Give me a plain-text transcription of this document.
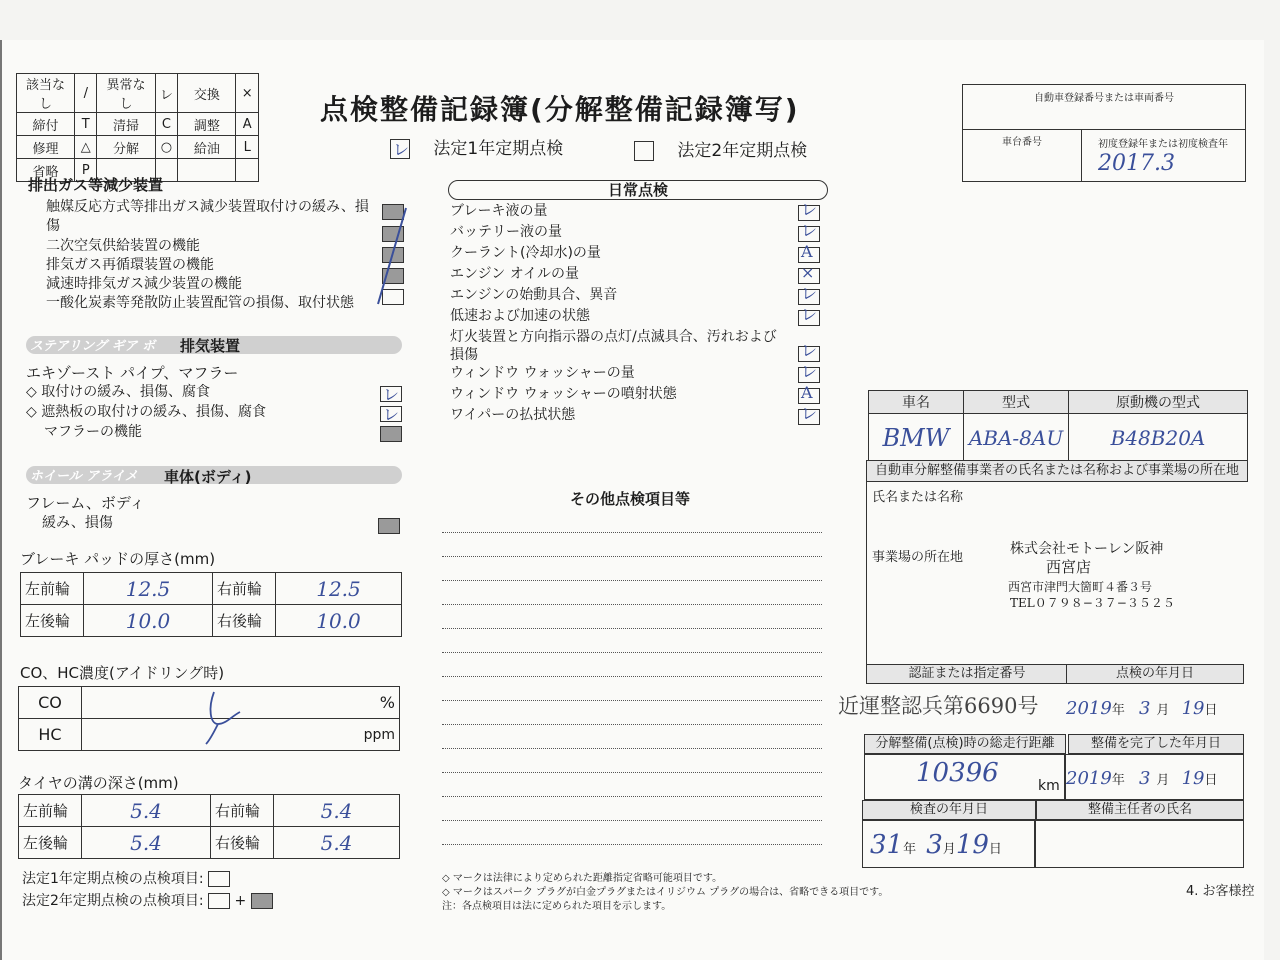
該当なし	/	異常なし	レ	交換	×
締付	T	清掃	C	調整	A
修理	△	分解	○	給油	L
省略	P				
点検整備記録簿(分解整備記録簿写)
レ 法定1年定期点検	法定2年定期点検
自動車登録番号または車両番号
車台番号	初度登録年または初度検査年
2017.3
排出ガス等減少装置
触媒反応方式等排出ガス減少装置取付けの緩み、損傷
二次空気供給装置の機能
排気ガス再循環装置の機能
減速時排気ガス減少装置の機能
一酸化炭素等発散防止装置配管の損傷、取付状態
ステアリング ギア ボ 排気装置
エキゾースト パイプ、マフラー
◇ 取付けの緩み、損傷、腐食
◇ 遮熱板の取付けの緩み、損傷、腐食
マフラーの機能
レ
レ
ホイール アライメ 車体(ボディ)
フレーム、ボディ
緩み、損傷
ブレーキ パッドの厚さ(mm)
左前輪	12.5	右前輪	12.5
左後輪	10.0	右後輪	10.0
CO、HC濃度(アイドリング時)
CO	%
HC	ppm
タイヤの溝の深さ(mm)
左前輪	5.4	右前輪	5.4
左後輪	5.4	右後輪	5.4
法定1年定期点検の点検項目:
法定2年定期点検の点検項目: +
日常点検
ブレーキ液の量	レ
バッテリー液の量	レ
クーラント(冷却水)の量	A
エンジン オイルの量	×
エンジンの始動具合、異音	レ
低速および加速の状態	レ
灯火装置と方向指示器の点灯/点滅具合、汚れおよび損傷	レ
ウィンドウ ウォッシャーの量	レ
ウィンドウ ウォッシャーの噴射状態	A
ワイパーの払拭状態	レ
その他点検項目等
◇ マークは法律により定められた距離指定省略可能項目です。
◇ マークはスパーク プラグが白金プラグまたはイリジウム プラグの場合は、省略できる項目です。
注：各点検項目は法に定められた項目を示します。
車名	型式	原動機の型式
BMW	ABA-8AU	B48B20A
自動車分解整備事業者の氏名または名称および事業場の所在地
氏名または名称
事業場の所在地
株式会社モトーレン阪神
西宮店
西宮市津門大箇町４番３号
TEL０７９８−３７−３５２５
認証または指定番号	点検の年月日
近運整認兵第6690号 2019年 3 月 19日
分解整備(点検)時の総走行距離	整備を完了した年月日
10396	km 2019年 3 月 19日
検査の年月日	整備主任者の氏名
31年 3月19日
4. お客様控
